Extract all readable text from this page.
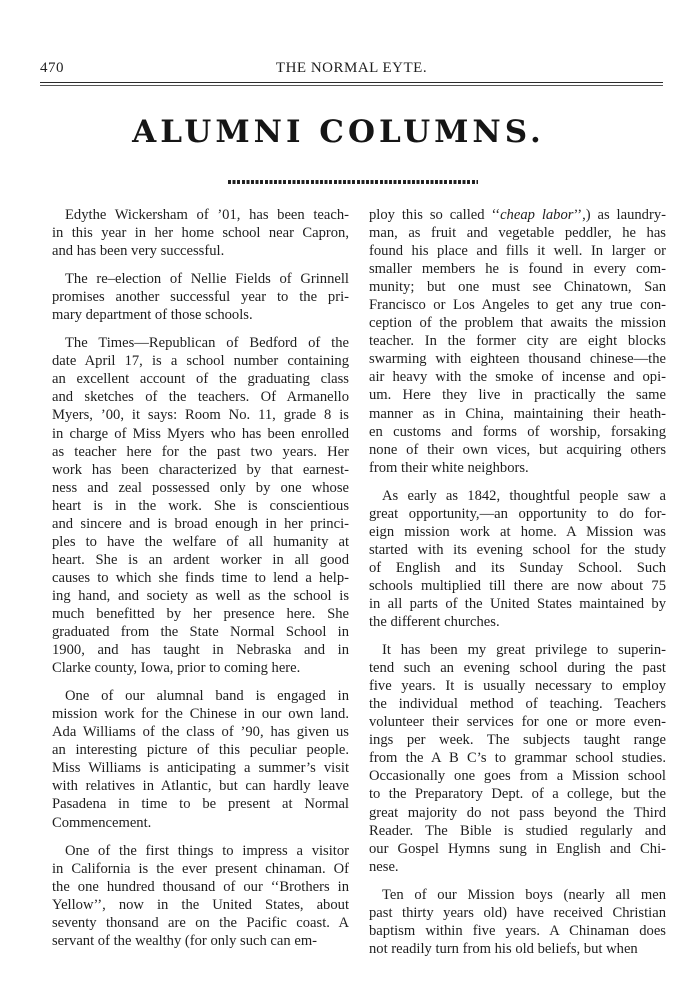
470	THE NORMAL EYTE.
ALUMNI COLUMNS.

Edythe Wickersham of ’01, has been teach-
in this year in her home school near Capron,
and has been very successful.

The re–election of Nellie Fields of Grinnell
promises another successful year to the pri-
mary department of those schools.

The Times—Republican of Bedford of the
date April 17, is a school number containing
an excellent account of the graduating class
and sketches of the teachers. Of Armanello
Myers, ’00, it says: Room No. 11, grade 8 is
in charge of Miss Myers who has been enrolled
as teacher here for the past two years. Her
work has been characterized by that earnest-
ness and zeal possessed only by one whose
heart is in the work. She is conscientious
and sincere and is broad enough in her princi-
ples to have the welfare of all humanity at
heart. She is an ardent worker in all good
causes to which she finds time to lend a help-
ing hand, and society as well as the school is
much benefitted by her presence here. She
graduated from the State Normal School in
1900, and has taught in Nebraska and in
Clarke county, Iowa, prior to coming here.

One of our alumnal band is engaged in
mission work for the Chinese in our own land.
Ada Williams of the class of ’90, has given us
an interesting picture of this peculiar people.
Miss Williams is anticipating a summer’s visit
with relatives in Atlantic, but can hardly leave
Pasadena in time to be present at Normal
Commencement.

One of the first things to impress a visitor
in California is the ever present chinaman. Of
the one hundred thousand of our ‘‘Brothers in
Yellow’’, now in the United States, about
seventy thonsand are on the Pacific coast. A
servant of the wealthy (for only such can em-

ploy this so called ‘‘cheap labor’’,) as laundry-
man, as fruit and vegetable peddler, he has
found his place and fills it well. In larger or
smaller members he is found in every com-
munity; but one must see Chinatown, San
Francisco or Los Angeles to get any true con-
ception of the problem that awaits the mission
teacher. In the former city are eight blocks
swarming with eighteen thousand chinese—the
air heavy with the smoke of incense and opi-
um. Here they live in practically the same
manner as in China, maintaining their heath-
en customs and forms of worship, forsaking
none of their own vices, but acquiring others
from their white neighbors.

As early as 1842, thoughtful people saw a
great opportunity,—an opportunity to do for-
eign mission work at home. A Mission was
started with its evening school for the study
of English and its Sunday School. Such
schools multiplied till there are now about 75
in all parts of the United States maintained by
the different churches.

It has been my great privilege to superin-
tend such an evening school during the past
five years. It is usually necessary to employ
the individual method of teaching. Teachers
volunteer their services for one or more even-
ings per week. The subjects taught range
from the A B C’s to grammar school studies.
Occasionally one goes from a Mission school
to the Preparatory Dept. of a college, but the
great majority do not pass beyond the Third
Reader. The Bible is studied regularly and
our Gospel Hymns sung in English and Chi-
nese.

Ten of our Mission boys (nearly all men
past thirty years old) have received Christian
baptism within five years. A Chinaman does
not readily turn from his old beliefs, but when
